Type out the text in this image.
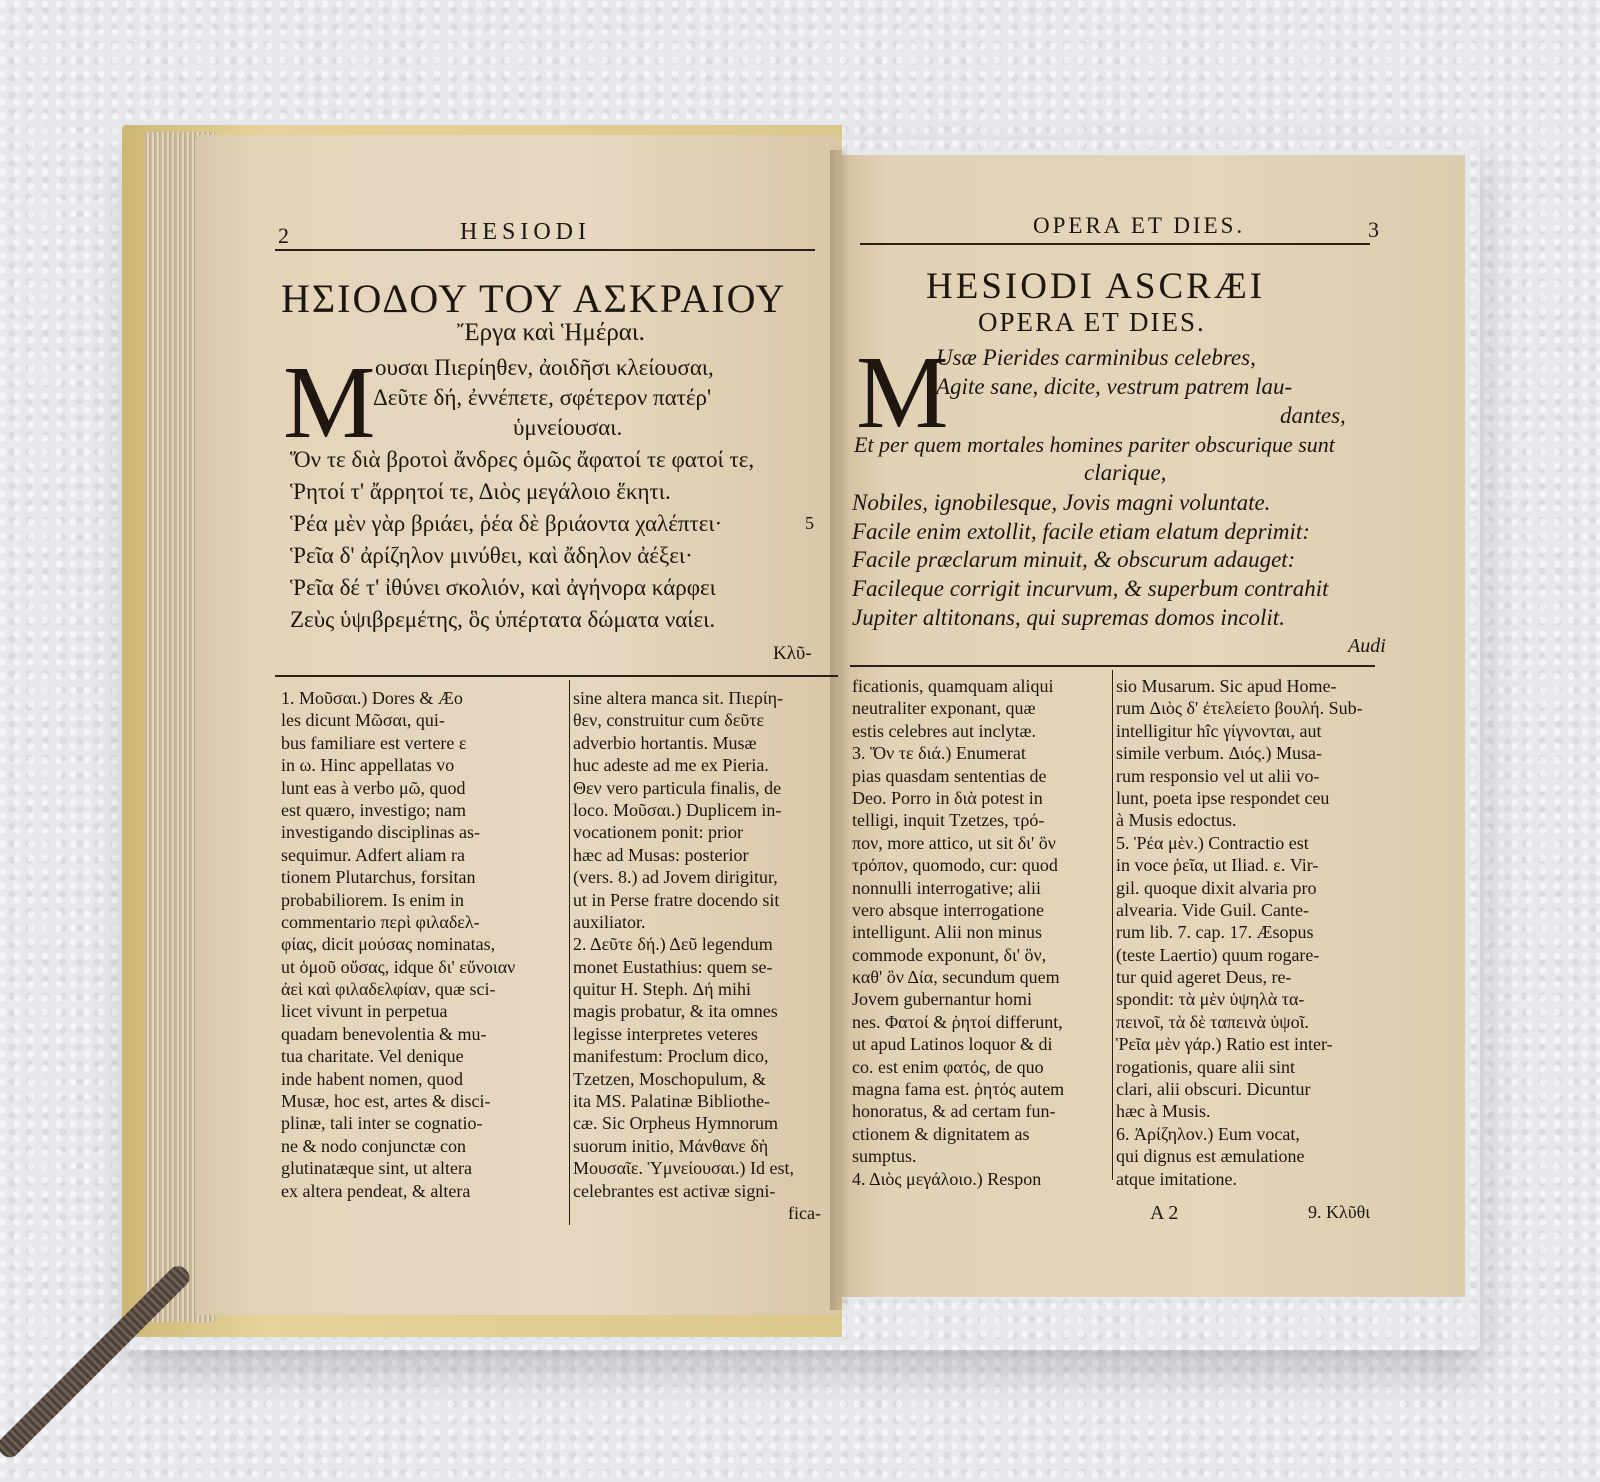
2	HESIODI
ΗΣΙΟΔΟΥ ΤΟΥ ΑΣΚΡΑΙΟΥ
Ἔργα καὶ Ἡμέραι.
M ουσαι Πιερίηθεν, ἀοιδῆσι κλείουσαι,
Δεῦτε δή, ἐννέπετε, σφέτερον πατέρ'
ὑμνείουσαι.
Ὅν τε διὰ βροτοὶ ἄνδρες ὁμῶς ἄφατοί τε φατοί τε,
Ῥητοί τ' ἄρρητοί τε, Διὸς μεγάλοιο ἕκητι.
Ῥέα μὲν γὰρ βριάει, ῥέα δὲ βριάοντα χαλέπτει·	5
Ῥεῖα δ' ἀρίζηλον μινύθει, καὶ ἄδηλον ἀέξει·
Ῥεῖα δέ τ' ἰθύνει σκολιόν, καὶ ἀγήνορα κάρφει
Ζεὺς ὑψιβρεμέτης, ὃς ὑπέρτατα δώματα ναίει.
Κλῦ-
1. Μοῦσαι.) Dores & Æo
les dicunt Μῶσαι, qui-
bus familiare est vertere ε
in ω. Hinc appellatas vo
lunt eas à verbo μῶ, quod
est quæro, investigo; nam
investigando disciplinas as-
sequimur. Adfert aliam ra
tionem Plutarchus, forsitan
probabiliorem. Is enim in
commentario περὶ φιλαδελ-
φίας, dicit μούσας nominatas,
ut ὁμοῦ οὔσας, idque δι' εὔνοιαν
ἀεὶ καὶ φιλαδελφίαν, quæ sci-
licet vivunt in perpetua
quadam benevolentia & mu-
tua charitate. Vel denique
inde habent nomen, quod
Musæ, hoc est, artes & disci-
plinæ, tali inter se cognatio-
ne & nodo conjunctæ con
glutinatæque sint, ut altera
ex altera pendeat, & altera
sine altera manca sit. Πιερίη-
θεν, construitur cum δεῦτε
adverbio hortantis. Musæ
huc adeste ad me ex Pieria.
Θεν vero particula finalis, de
loco. Μοῦσαι.) Duplicem in-
vocationem ponit: prior
hæc ad Musas: posterior
(vers. 8.) ad Jovem dirigitur,
ut in Perse fratre docendo sit
auxiliator.
2. Δεῦτε δή.) Δεῦ legendum
monet Eustathius: quem se-
quitur H. Steph. Δή mihi
magis probatur, & ita omnes
legisse interpretes veteres
manifestum: Proclum dico,
Tzetzen, Moschopulum, &
ita MS. Palatinæ Bibliothe-
cæ. Sic Orpheus Hymnorum
suorum initio, Μάνθανε δὴ
Μουσαῖε. Ὑμνείουσαι.) Id est,
celebrantes est activæ signi-
fica-
OPERA ET DIES.	3
HESIODI ASCRÆI
OPERA ET DIES.
M
Usæ Pierides carminibus celebres,
Agite sane, dicite, vestrum patrem lau-
dantes,
Et per quem mortales homines pariter obscurique sunt
clarique,
Nobiles, ignobilesque, Jovis magni voluntate.
Facile enim extollit, facile etiam elatum deprimit:
Facile præclarum minuit, & obscurum adauget:
Facileque corrigit incurvum, & superbum contrahit
Jupiter altitonans, qui supremas domos incolit.
Audi
ficationis, quamquam aliqui
neutraliter exponant, quæ
estis celebres aut inclytæ.
3. Ὅν τε διά.) Enumerat
pias quasdam sententias de
Deo. Porro in διὰ potest in
telligi, inquit Tzetzes, τρό-
πον, more attico, ut sit δι' ὃν
τρόπον, quomodo, cur: quod
nonnulli interrogative; alii
vero absque interrogatione
intelligunt. Alii non minus
commode exponunt, δι' ὃν,
καθ' ὃν Δία, secundum quem
Jovem gubernantur homi
nes. Φατοί & ῥητοί differunt,
ut apud Latinos loquor & di
co. est enim φατός, de quo
magna fama est. ῥητός autem
honoratus, & ad certam fun-
ctionem & dignitatem as
sumptus.
4. Διὸς μεγάλοιο.) Respon
sio Musarum. Sic apud Home-
rum Διὸς δ' ἐτελείετο βουλή. Sub-
intelligitur hîc γίγνονται, aut
simile verbum. Διός.) Musa-
rum responsio vel ut alii vo-
lunt, poeta ipse respondet ceu
à Musis edoctus.
5. Ῥέα μὲν.) Contractio est
in voce ῥεῖα, ut Iliad. ε. Vir-
gil. quoque dixit alvaria pro
alvearia. Vide Guil. Cante-
rum lib. 7. cap. 17. Æsopus
(teste Laertio) quum rogare-
tur quid ageret Deus, re-
spondit: τὰ μὲν ὑψηλὰ τα-
πεινοῖ, τὰ δὲ ταπεινὰ ὑψοῖ.
Ῥεῖα μὲν γάρ.) Ratio est inter-
rogationis, quare alii sint
clari, alii obscuri. Dicuntur
hæc à Musis.
6. Ἀρίζηλον.) Eum vocat,
qui dignus est æmulatione
atque imitatione.
A 2	9. Κλῦθι
